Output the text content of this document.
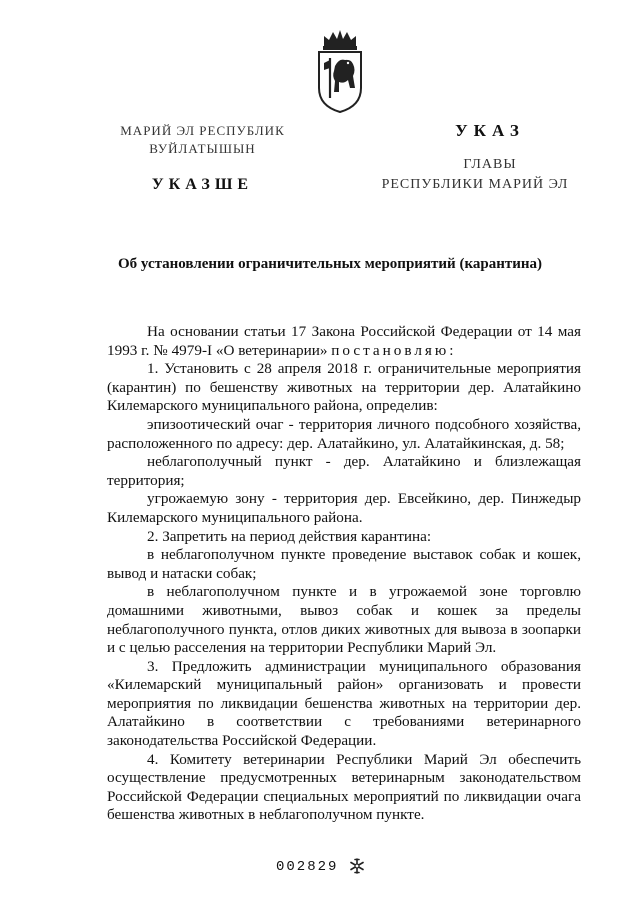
МАРИЙ ЭЛ РЕСПУБЛИК
ВУЙЛАТЫШЫН
УКАЗШЕ
УКАЗ
ГЛАВЫ
РЕСПУБЛИКИ МАРИЙ ЭЛ
Об установлении ограничительных мероприятий (карантина)

На основании статьи 17 Закона Российской Федерации от 14 мая 1993 г. № 4979-I «О ветеринарии» постановляю:

1. Установить с 28 апреля 2018 г. ограничительные мероприятия (карантин) по бешенству животных на территории дер. Алатайкино Килемарского муниципального района, определив:

эпизоотический очаг - территория личного подсобного хозяйства, расположенного по адресу: дер. Алатайкино, ул. Алатайкинская, д. 58;

неблагополучный пункт - дер. Алатайкино и близлежащая территория;

угрожаемую зону - территория дер. Евсейкино, дер. Пинжедыр Килемарского муниципального района.

2. Запретить на период действия карантина:

в неблагополучном пункте проведение выставок собак и кошек, вывод и натаски собак;

в неблагополучном пункте и в угрожаемой зоне торговлю домашними животными, вывоз собак и кошек за пределы неблагополучного пункта, отлов диких животных для вывоза в зоопарки и с целью расселения на территории Республики Марий Эл.

3. Предложить администрации муниципального образования «Килемарский муниципальный район» организовать и провести мероприятия по ликвидации бешенства животных на территории дер. Алатайкино в соответствии с требованиями ветеринарного законодательства Российской Федерации.

4. Комитету ветеринарии Республики Марий Эл обеспечить осуществление предусмотренных ветеринарным законодательством Российской Федерации специальных мероприятий по ликвидации очага бешенства животных в неблагополучном пункте.

002829
